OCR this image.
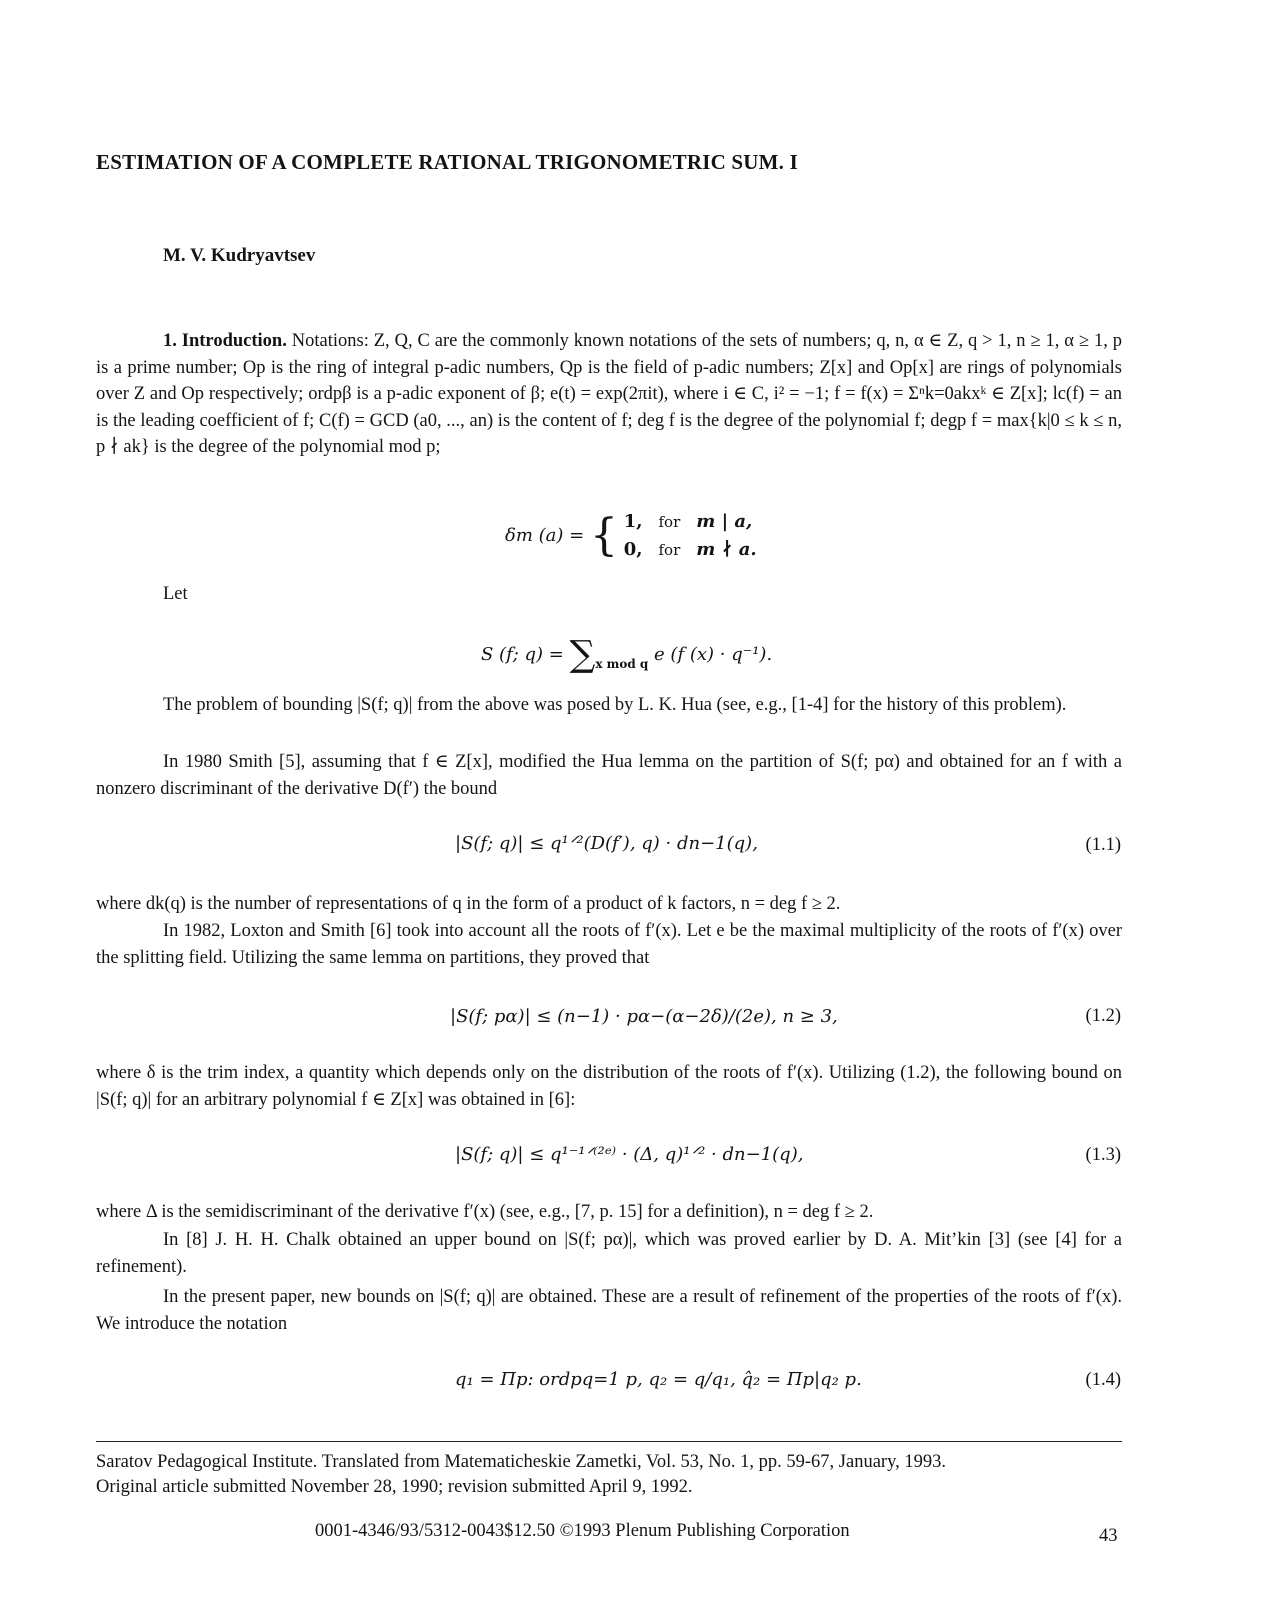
ESTIMATION OF A COMPLETE RATIONAL TRIGONOMETRIC SUM. I
M. V. Kudryavtsev
1. Introduction. Notations: Z, Q, C are the commonly known notations of the sets of numbers; q, n, α ∈ Z, q > 1, n ≥ 1, α ≥ 1, p is a prime number; Op is the ring of integral p-adic numbers, Qp is the field of p-adic numbers; Z[x] and Op[x] are rings of polynomials over Z and Op respectively; ordpβ is a p-adic exponent of β; e(t) = exp(2πit), where i ∈ C, i² = −1; f = f(x) = Σⁿk=0akxᵏ ∈ Z[x]; lc(f) = an is the leading coefficient of f; C(f) = GCD (a0, ..., an) is the content of f; deg f is the degree of the polynomial f; degp f = max{k|0 ≤ k ≤ n, p ∤ ak} is the degree of the polynomial mod p;
δm (a) = { 1, for m | a,
0, for m ∤ a.
Let
S (f; $q) = \sum_{x mod q}$ e (f (x) · q⁻¹).
The problem of bounding |S(f; q)| from the above was posed by L. K. Hua (see, e.g., [1-4] for the history of this problem).
In 1980 Smith [5], assuming that f ∈ Z[x], modified the Hua lemma on the partition of S(f; pα) and obtained for an f with a nonzero discriminant of the derivative D(f′) the bound
|S(f; q)| ≤ q¹ᐟ²(D(f′), q) · dn−1(q),	(1.1)
where dk(q) is the number of representations of q in the form of a product of k factors, n = deg f ≥ 2.
In 1982, Loxton and Smith [6] took into account all the roots of f′(x). Let e be the maximal multiplicity of the roots of f′(x) over the splitting field. Utilizing the same lemma on partitions, they proved that
|S(f; pα)| ≤ (n−1) · pα−(α−2δ)/(2e), n ≥ 3,	(1.2)
where δ is the trim index, a quantity which depends only on the distribution of the roots of f′(x). Utilizing (1.2), the following bound on |S(f; q)| for an arbitrary polynomial f ∈ Z[x] was obtained in [6]:
|S(f; q)| ≤ q¹⁻¹ᐟ⁽²ᵉ⁾ · (Δ, q)¹ᐟ² · dn−1(q),	(1.3)
where Δ is the semidiscriminant of the derivative f′(x) (see, e.g., [7, p. 15] for a definition), n = deg f ≥ 2.
In [8] J. H. H. Chalk obtained an upper bound on |S(f; pα)|, which was proved earlier by D. A. Mit’kin [3] (see [4] for a refinement).
In the present paper, new bounds on |S(f; q)| are obtained. These are a result of refinement of the properties of the roots of f′(x). We introduce the notation
q₁ = Πp: ordpq=1 p, q₂ = q/q₁, q̂₂ = Πp|q₂ p.	(1.4)
Saratov Pedagogical Institute. Translated from Matematicheskie Zametki, Vol. 53, No. 1, pp. 59-67, January, 1993.
Original article submitted November 28, 1990; revision submitted April 9, 1992.
0001-4346/93/5312-0043$12.50 ©1993 Plenum Publishing Corporation	43
